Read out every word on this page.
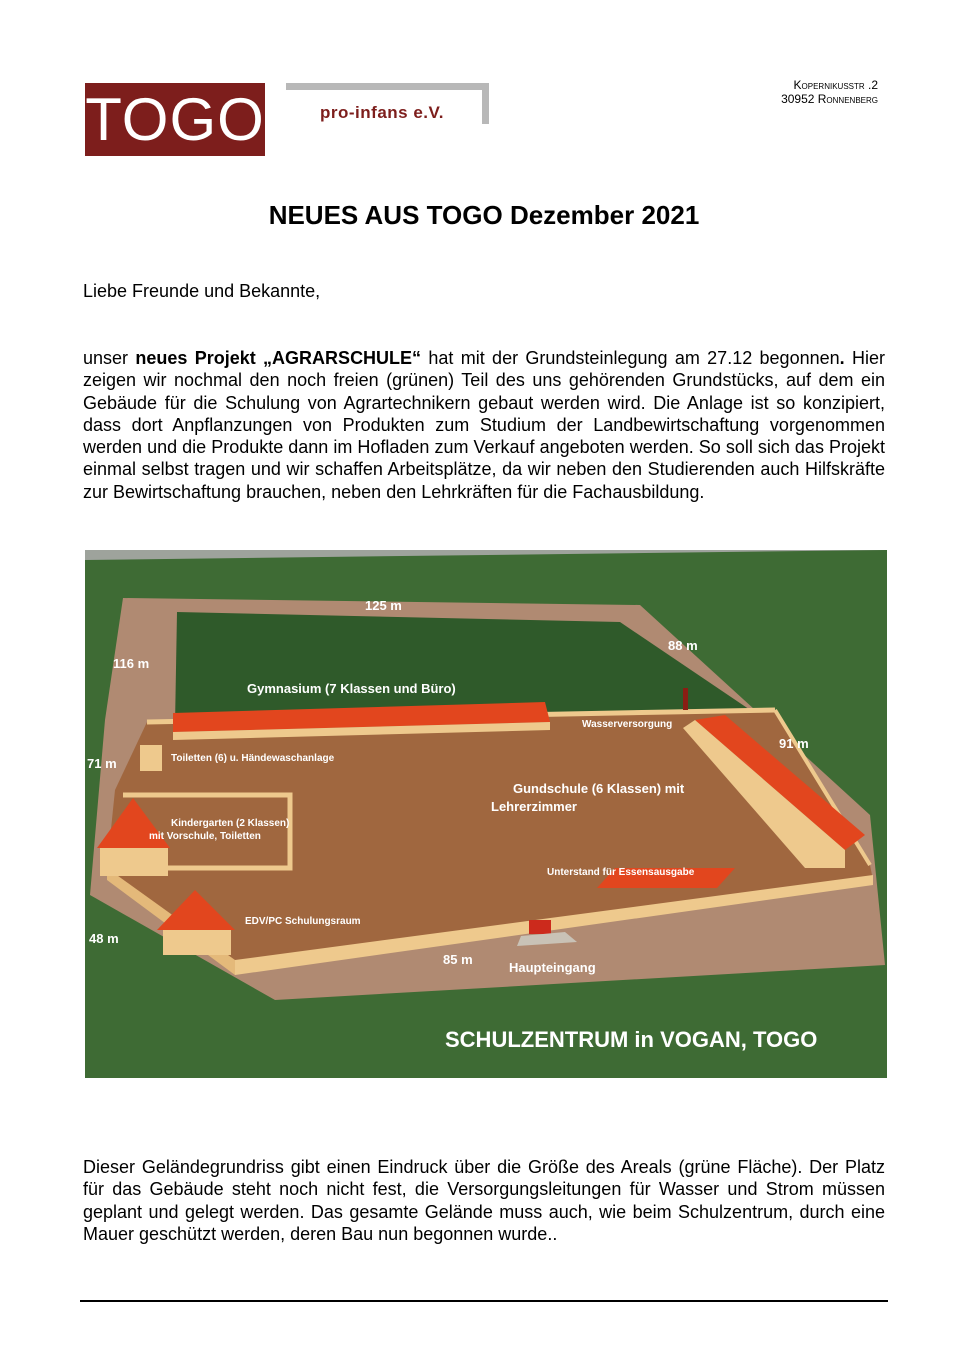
TOGO	pro-infans e.V.
Kopernikusstr .2
30952 Ronnenberg
NEUES AUS TOGO Dezember 2021
Liebe Freunde und Bekannte,

unser neues Projekt „AGRARSCHULE“ hat mit der Grundsteinlegung am 27.12 begonnen. Hier zeigen wir nochmal den noch freien (grünen) Teil des uns gehörenden Grundstücks, auf dem ein Gebäude für die Schulung von Agrartechnikern gebaut werden wird. Die Anlage ist so konzipiert, dass dort Anpflanzungen von Produkten zum Studium der Landbewirtschaftung vorgenommen werden und die Produkte dann im Hofladen zum Verkauf angeboten werden. So soll sich das Projekt einmal selbst tragen und wir schaffen Arbeitsplätze, da wir neben den Studierenden auch Hilfskräfte zur Bewirtschaftung brauchen, neben den Lehrkräften für die Fachausbildung.

125 m
116 m
88 m
91 m
71 m
48 m
85 m
Gymnasium (7 Klassen und Büro)
Wasserversorgung
Toiletten (6) u. Händewaschanlage
Gundschule (6 Klassen) mit
Lehrerzimmer
Kindergarten (2 Klassen)
mit Vorschule, Toiletten
Unterstand für Essensausgabe
EDV/PC Schulungsraum
Haupteingang
SCHULZENTRUM in VOGAN, TOGO

Dieser Geländegrundriss gibt einen Eindruck über die Größe des Areals (grüne Fläche). Der Platz für das Gebäude steht noch nicht fest, die Versorgungsleitungen für Wasser und Strom müssen geplant und gelegt werden. Das gesamte Gelände muss auch, wie beim Schulzentrum, durch eine Mauer geschützt werden, deren Bau nun begonnen wurde..
